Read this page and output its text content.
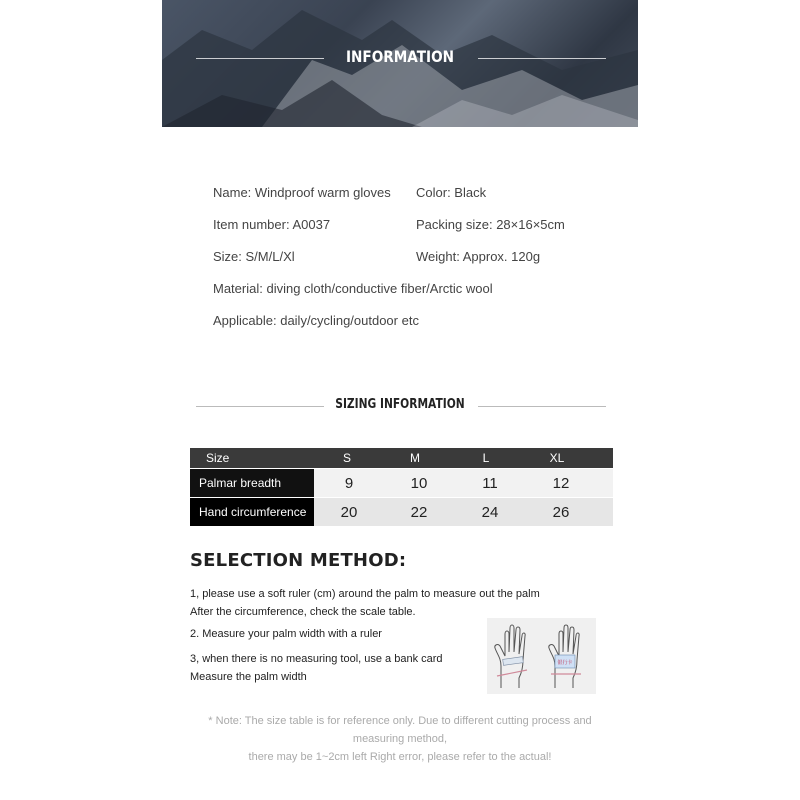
INFORMATION
Name: Windproof warm gloves Color: Black
Item number: A0037	Packing size: 28×16×5cm
Size: S/M/L/Xl	Weight: Approx. 120g
Material: diving cloth/conductive fiber/Arctic wool
Applicable: daily/cycling/outdoor etc
SIZING INFORMATION
Size	S	M	L	XL
Palmar breadth	9	10	11	12
Hand circumference	20	22	24	26
SELECTION METHOD:
1, please use a soft ruler (cm) around the palm to measure out the palm
After the circumference, check the scale table.
2. Measure your palm width with a ruler
3, when there is no measuring tool, use a bank card
Measure the palm width
银行卡
* Note: The size table is for reference only. Due to different cutting process and
measuring method,
there may be 1~2cm left Right error, please refer to the actual!
